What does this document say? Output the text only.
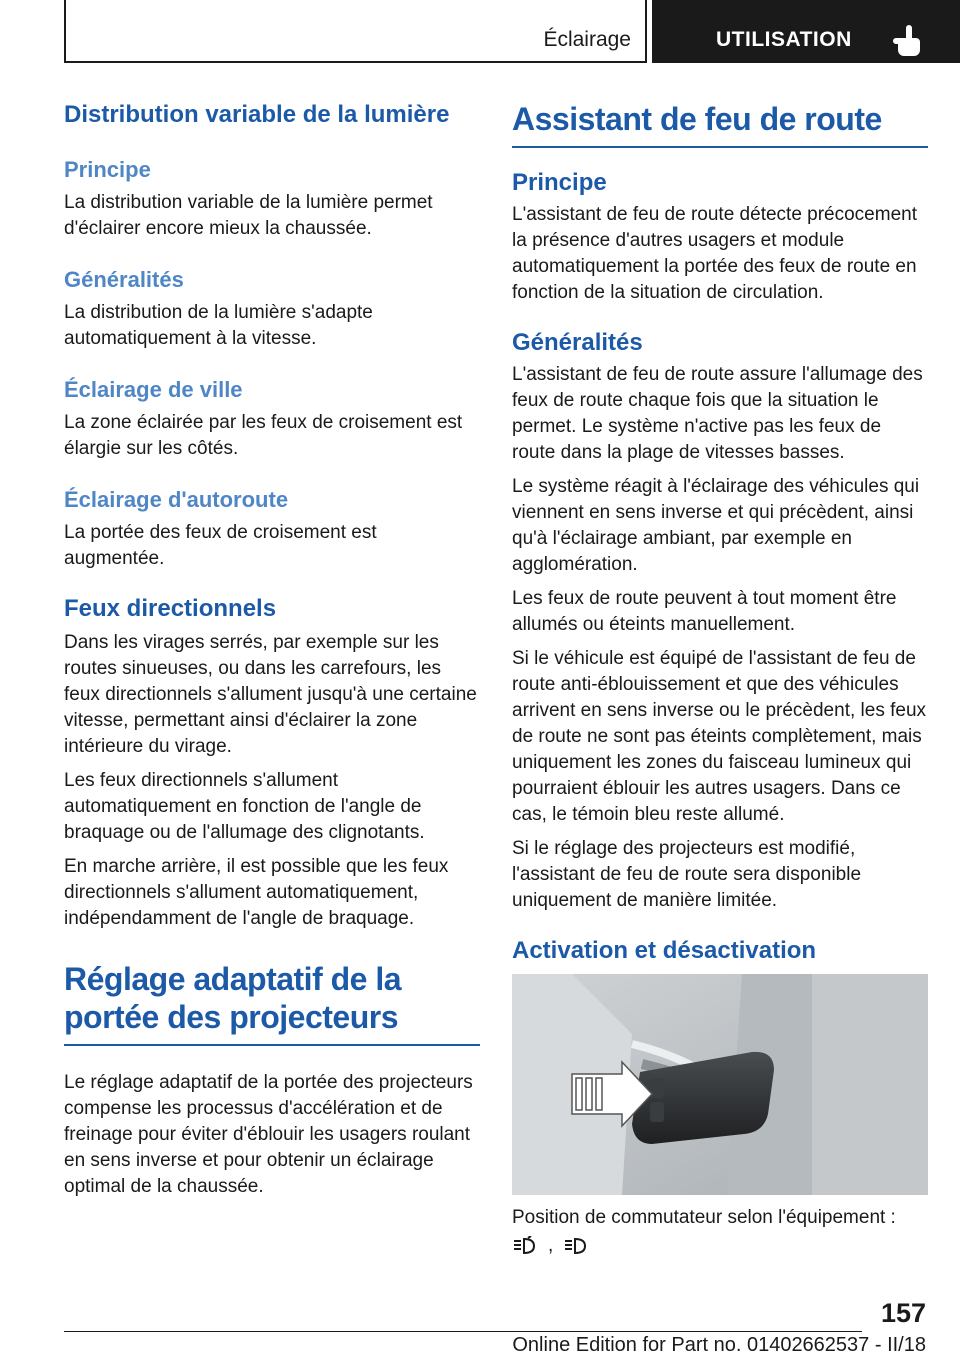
Éclairage	UTILISATION
Distribution variable de la lumière
Principe

La distribution variable de la lumière permet d'éclairer encore mieux la chaussée.

Généralités

La distribution de la lumière s'adapte automatiquement à la vitesse.

Éclairage de ville

La zone éclairée par les feux de croisement est élargie sur les côtés.

Éclairage d'autoroute

La portée des feux de croisement est augmentée.

Feux directionnels

Dans les virages serrés, par exemple sur les routes sinueuses, ou dans les carrefours, les feux directionnels s'allument jusqu'à une certaine vitesse, permettant ainsi d'éclairer la zone intérieure du virage.

Les feux directionnels s'allument automatiquement en fonction de l'angle de braquage ou de l'allumage des clignotants.

En marche arrière, il est possible que les feux directionnels s'allument automatiquement, indépendamment de l'angle de braquage.

Réglage adaptatif de la portée des projecteurs

Le réglage adaptatif de la portée des projecteurs compense les processus d'accélération et de freinage pour éviter d'éblouir les usagers roulant en sens inverse et pour obtenir un éclairage optimal de la chaussée.

Assistant de feu de route
Principe

L'assistant de feu de route détecte précocement la présence d'autres usagers et module automatiquement la portée des feux de route en fonction de la situation de circulation.

Généralités

L'assistant de feu de route assure l'allumage des feux de route chaque fois que la situation le permet. Le système n'active pas les feux de route dans la plage de vitesses basses.

Le système réagit à l'éclairage des véhicules qui viennent en sens inverse et qui précèdent, ainsi qu'à l'éclairage ambiant, par exemple en agglomération.

Les feux de route peuvent à tout moment être allumés ou éteints manuellement.

Si le véhicule est équipé de l'assistant de feu de route anti-éblouissement et que des véhicules arrivent en sens inverse ou le précèdent, les feux de route ne sont pas éteints complètement, mais uniquement les zones du faisceau lumineux qui pourraient éblouir les autres usagers. Dans ce cas, le témoin bleu reste allumé.

Si le réglage des projecteurs est modifié, l'assistant de feu de route sera disponible uniquement de manière limitée.

Activation et désactivation

Position de commutateur selon l'équipement :

,
157
Online Edition for Part no. 01402662537 - II/18
